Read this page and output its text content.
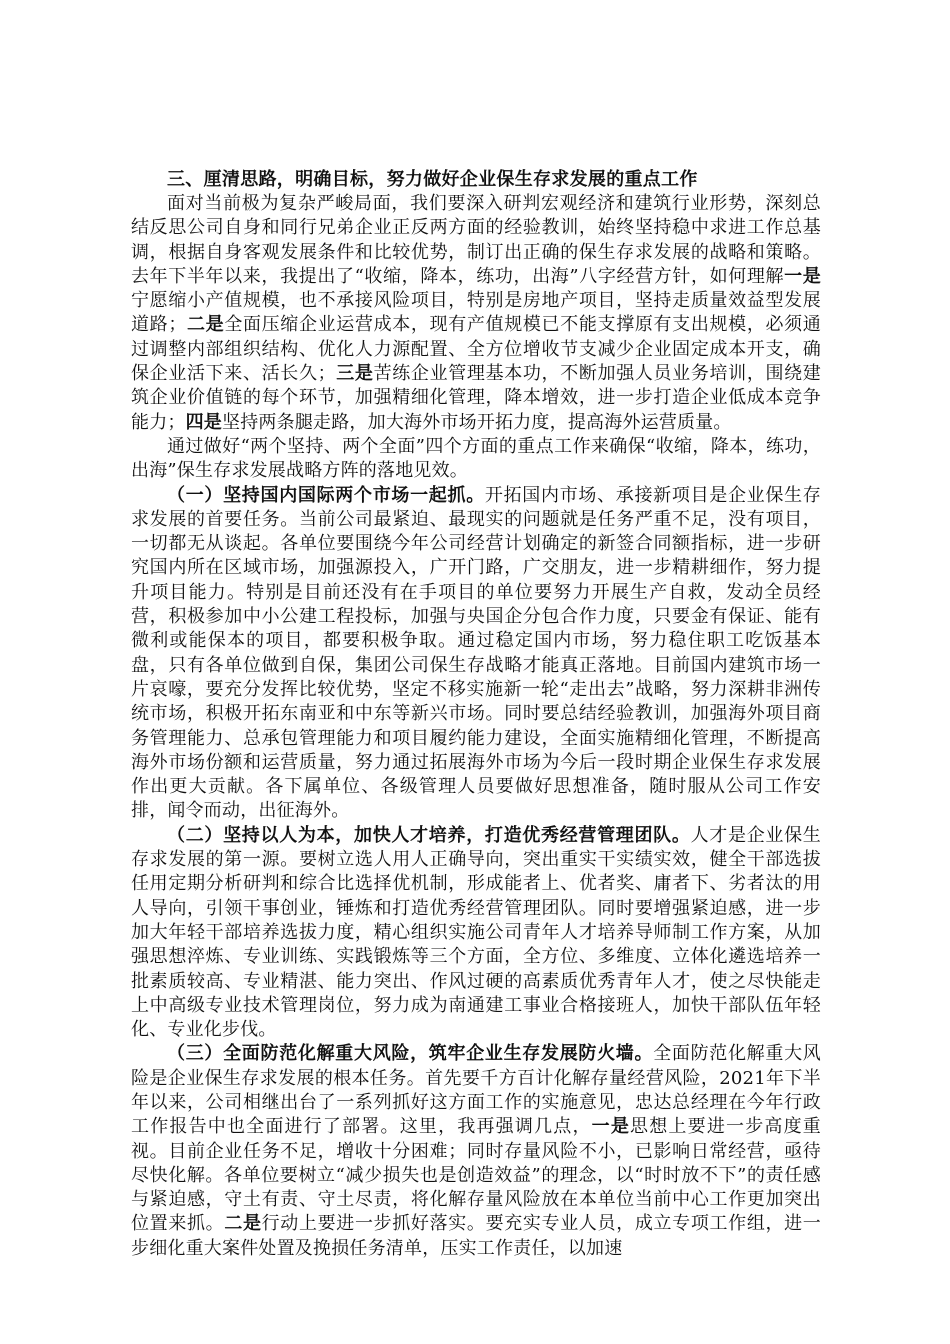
三、厘清思路，明确目标，努力做好企业保生存求发展的重点工作

面对当前极为复杂严峻局面，我们要深入研判宏观经济和建筑行业形势，深刻总结反思公司自身和同行兄弟企业正反两方面的经验教训，始终坚持稳中求进工作总基调，根据自身客观发展条件和比较优势，制订出正确的保生存求发展的战略和策略。去年下半年以来，我提出了“收缩，降本，练功，出海”八字经营方针，如何理解一是宁愿缩小产值规模，也不承接风险项目，特别是房地产项目，坚持走质量效益型发展道路；二是全面压缩企业运营成本，现有产值规模已不能支撑原有支出规模，必须通过调整内部组织结构、优化人力源配置、全方位增收节支减少企业固定成本开支，确保企业活下来、活长久；三是苦练企业管理基本功，不断加强人员业务培训，围绕建筑企业价值链的每个环节，加强精细化管理，降本增效，进一步打造企业低成本竞争能力；四是坚持两条腿走路，加大海外市场开拓力度，提高海外运营质量。

通过做好“两个坚持、两个全面”四个方面的重点工作来确保“收缩，降本，练功，出海”保生存求发展战略方阵的落地见效。

（一）坚持国内国际两个市场一起抓。开拓国内市场、承接新项目是企业保生存求发展的首要任务。当前公司最紧迫、最现实的问题就是任务严重不足，没有项目，一切都无从谈起。各单位要围绕今年公司经营计划确定的新签合同额指标，进一步研究国内所在区域市场，加强源投入，广开门路，广交朋友，进一步精耕细作，努力提升项目能力。特别是目前还没有在手项目的单位要努力开展生产自救，发动全员经营，积极参加中小公建工程投标，加强与央国企分包合作力度，只要金有保证、能有微利或能保本的项目，都要积极争取。通过稳定国内市场，努力稳住职工吃饭基本盘，只有各单位做到自保，集团公司保生存战略才能真正落地。目前国内建筑市场一片哀嚎，要充分发挥比较优势，坚定不移实施新一轮“走出去”战略，努力深耕非洲传统市场，积极开拓东南亚和中东等新兴市场。同时要总结经验教训，加强海外项目商务管理能力、总承包管理能力和项目履约能力建设，全面实施精细化管理，不断提高海外市场份额和运营质量，努力通过拓展海外市场为今后一段时期企业保生存求发展作出更大贡献。各下属单位、各级管理人员要做好思想准备，随时服从公司工作安排，闻令而动，出征海外。

（二）坚持以人为本，加快人才培养，打造优秀经营管理团队。人才是企业保生存求发展的第一源。要树立选人用人正确导向，突出重实干实绩实效，健全干部选拔任用定期分析研判和综合比选择优机制，形成能者上、优者奖、庸者下、劣者汰的用人导向，引领干事创业，锤炼和打造优秀经营管理团队。同时要增强紧迫感，进一步加大年轻干部培养选拔力度，精心组织实施公司青年人才培养导师制工作方案，从加强思想淬炼、专业训练、实践锻炼等三个方面，全方位、多维度、立体化遴选培养一批素质较高、专业精湛、能力突出、作风过硬的高素质优秀青年人才，使之尽快能走上中高级专业技术管理岗位，努力成为南通建工事业合格接班人，加快干部队伍年轻化、专业化步伐。

（三）全面防范化解重大风险，筑牢企业生存发展防火墙。全面防范化解重大风险是企业保生存求发展的根本任务。首先要千方百计化解存量经营风险，2021年下半年以来，公司相继出台了一系列抓好这方面工作的实施意见，忠达总经理在今年行政工作报告中也全面进行了部署。这里，我再强调几点，一是思想上要进一步高度重视。目前企业任务不足，增收十分困难；同时存量风险不小，已影响日常经营，亟待尽快化解。各单位要树立“减少损失也是创造效益”的理念，以“时时放不下”的责任感与紧迫感，守土有责、守土尽责，将化解存量风险放在本单位当前中心工作更加突出位置来抓。二是行动上要进一步抓好落实。要充实专业人员，成立专项工作组，进一步细化重大案件处置及挽损任务清单，压实工作责任，以加速
